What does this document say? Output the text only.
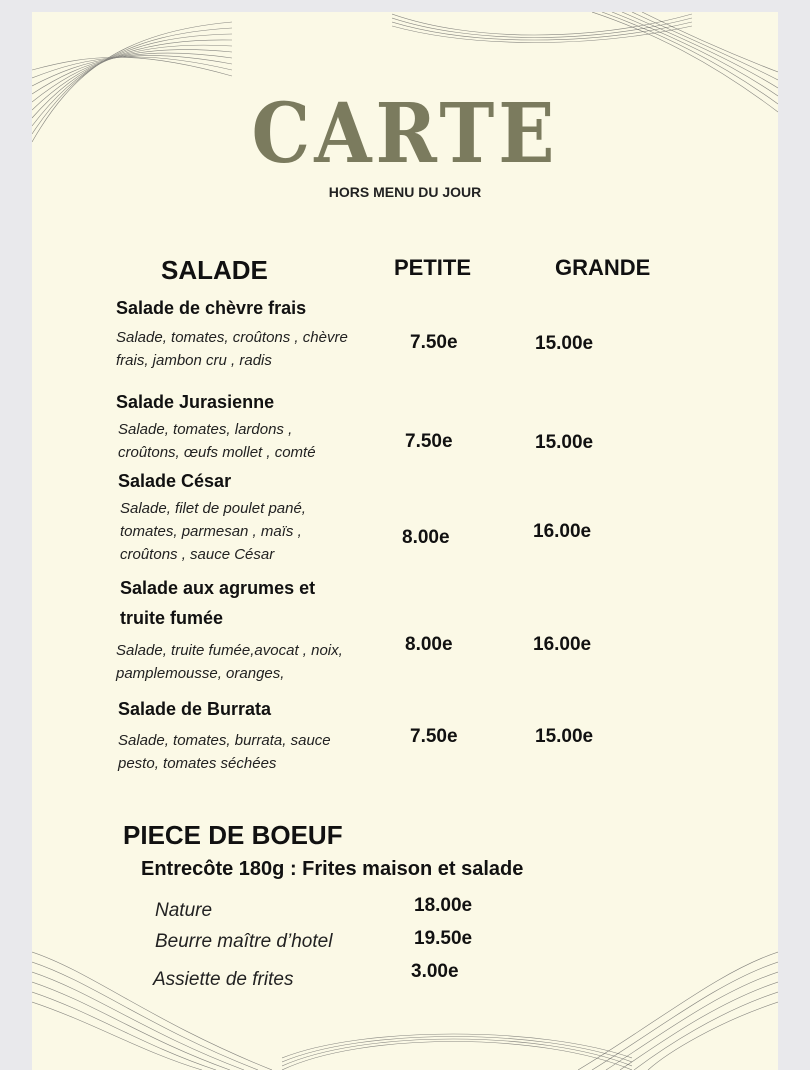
CARTE
HORS MENU DU JOUR
SALADE	PETITE	GRANDE
Salade de chèvre frais
Salade, tomates, croûtons , chèvre frais, jambon cru , radis
7.50e	15.00e
Salade Jurasienne
Salade, tomates, lardons , croûtons, œufs mollet , comté
7.50e	15.00e
Salade César
Salade, filet de poulet pané, tomates, parmesan , maïs , croûtons , sauce César
8.00e	16.00e
Salade aux agrumes et truite fumée
Salade, truite fumée,avocat , noix, pamplemousse, oranges,
8.00e	16.00e
Salade de Burrata
Salade, tomates, burrata, sauce pesto, tomates séchées
7.50e	15.00e
PIECE DE BOEUF
Entrecôte 180g : Frites maison et salade
Nature	18.00e
Beurre maître d’hotel	19.50e
Assiette de frites	3.00e
